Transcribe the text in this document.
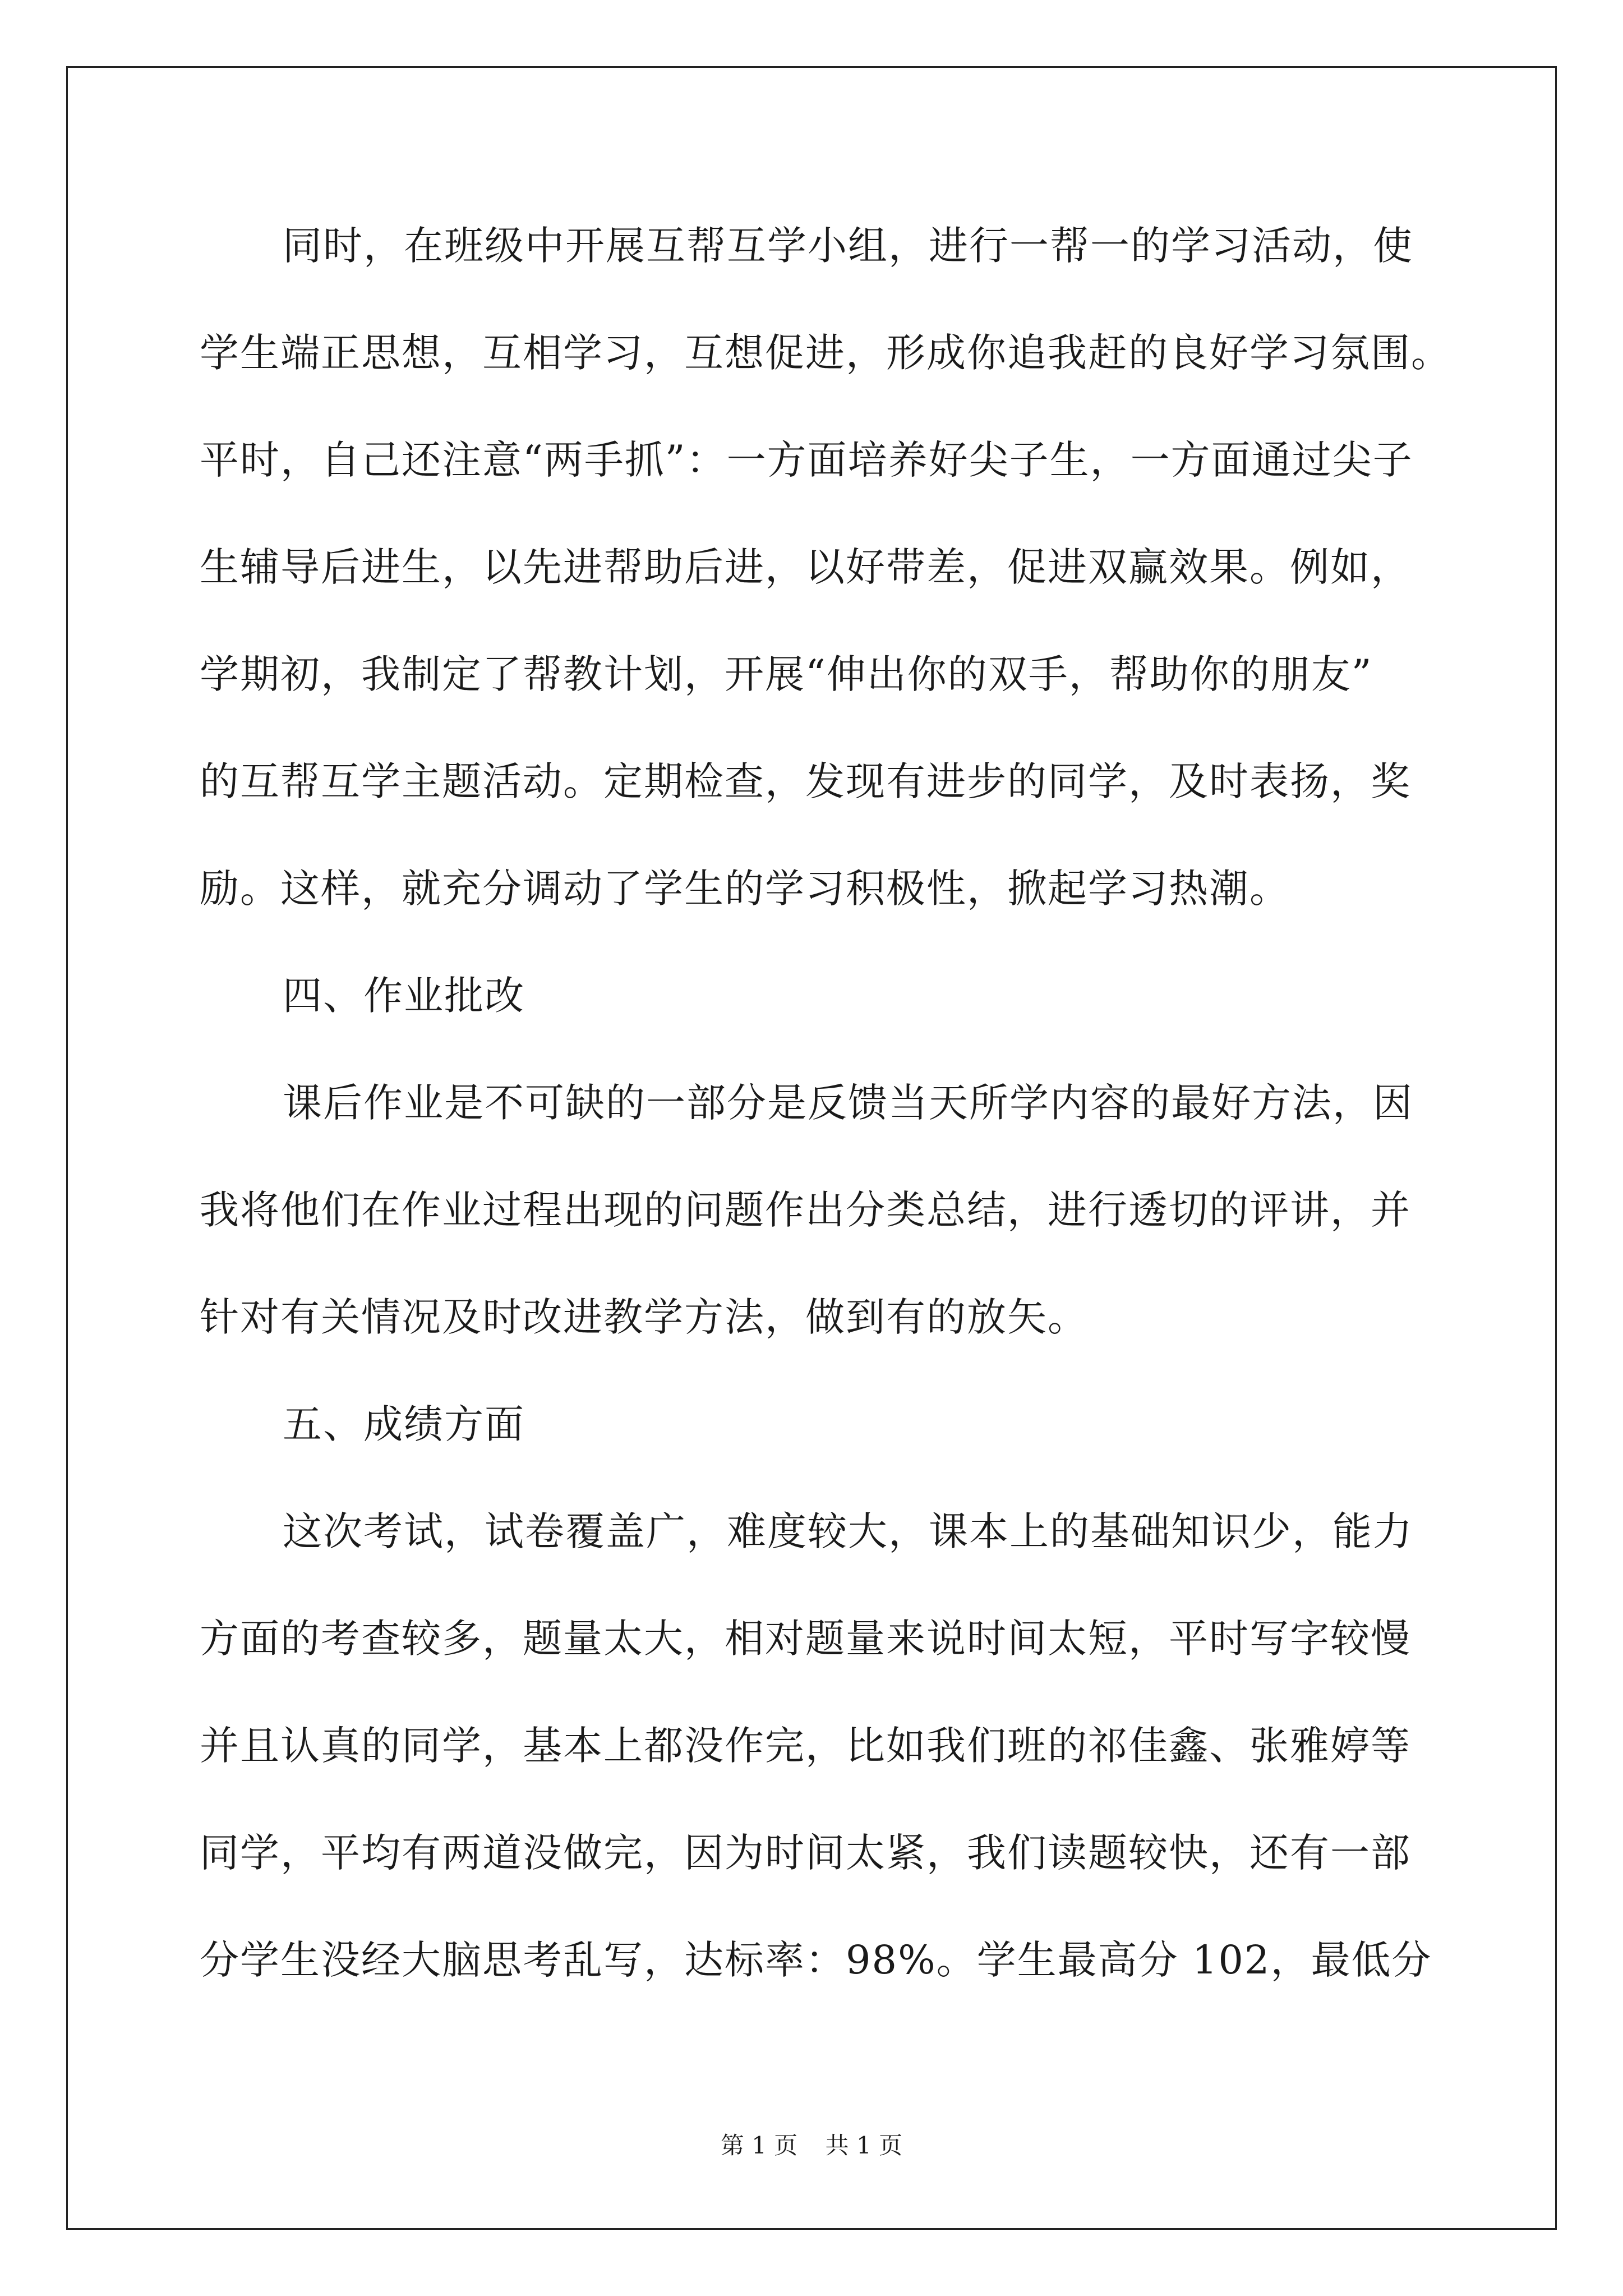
同时，在班级中开展互帮互学小组，进行一帮一的学习活动，使
学生端正思想，互相学习，互想促进，形成你追我赶的良好学习氛围。
平时，自己还注意“两手抓”：一方面培养好尖子生，一方面通过尖子
生辅导后进生，以先进帮助后进，以好带差，促进双赢效果。例如，
学期初，我制定了帮教计划，开展“伸出你的双手，帮助你的朋友”
的互帮互学主题活动。定期检查，发现有进步的同学，及时表扬，奖
励。这样，就充分调动了学生的学习积极性，掀起学习热潮。
四、作业批改
课后作业是不可缺的一部分是反馈当天所学内容的最好方法，因
我将他们在作业过程出现的问题作出分类总结，进行透切的评讲，并
针对有关情况及时改进教学方法，做到有的放矢。
五、成绩方面
这次考试，试卷覆盖广，难度较大，课本上的基础知识少，能力
方面的考查较多，题量太大，相对题量来说时间太短，平时写字较慢
并且认真的同学，基本上都没作完，比如我们班的祁佳鑫、张雅婷等
同学，平均有两道没做完，因为时间太紧，我们读题较快，还有一部
分学生没经大脑思考乱写，达标率：98%。学生最高分 102，最低分
第 1 页 共 1 页
